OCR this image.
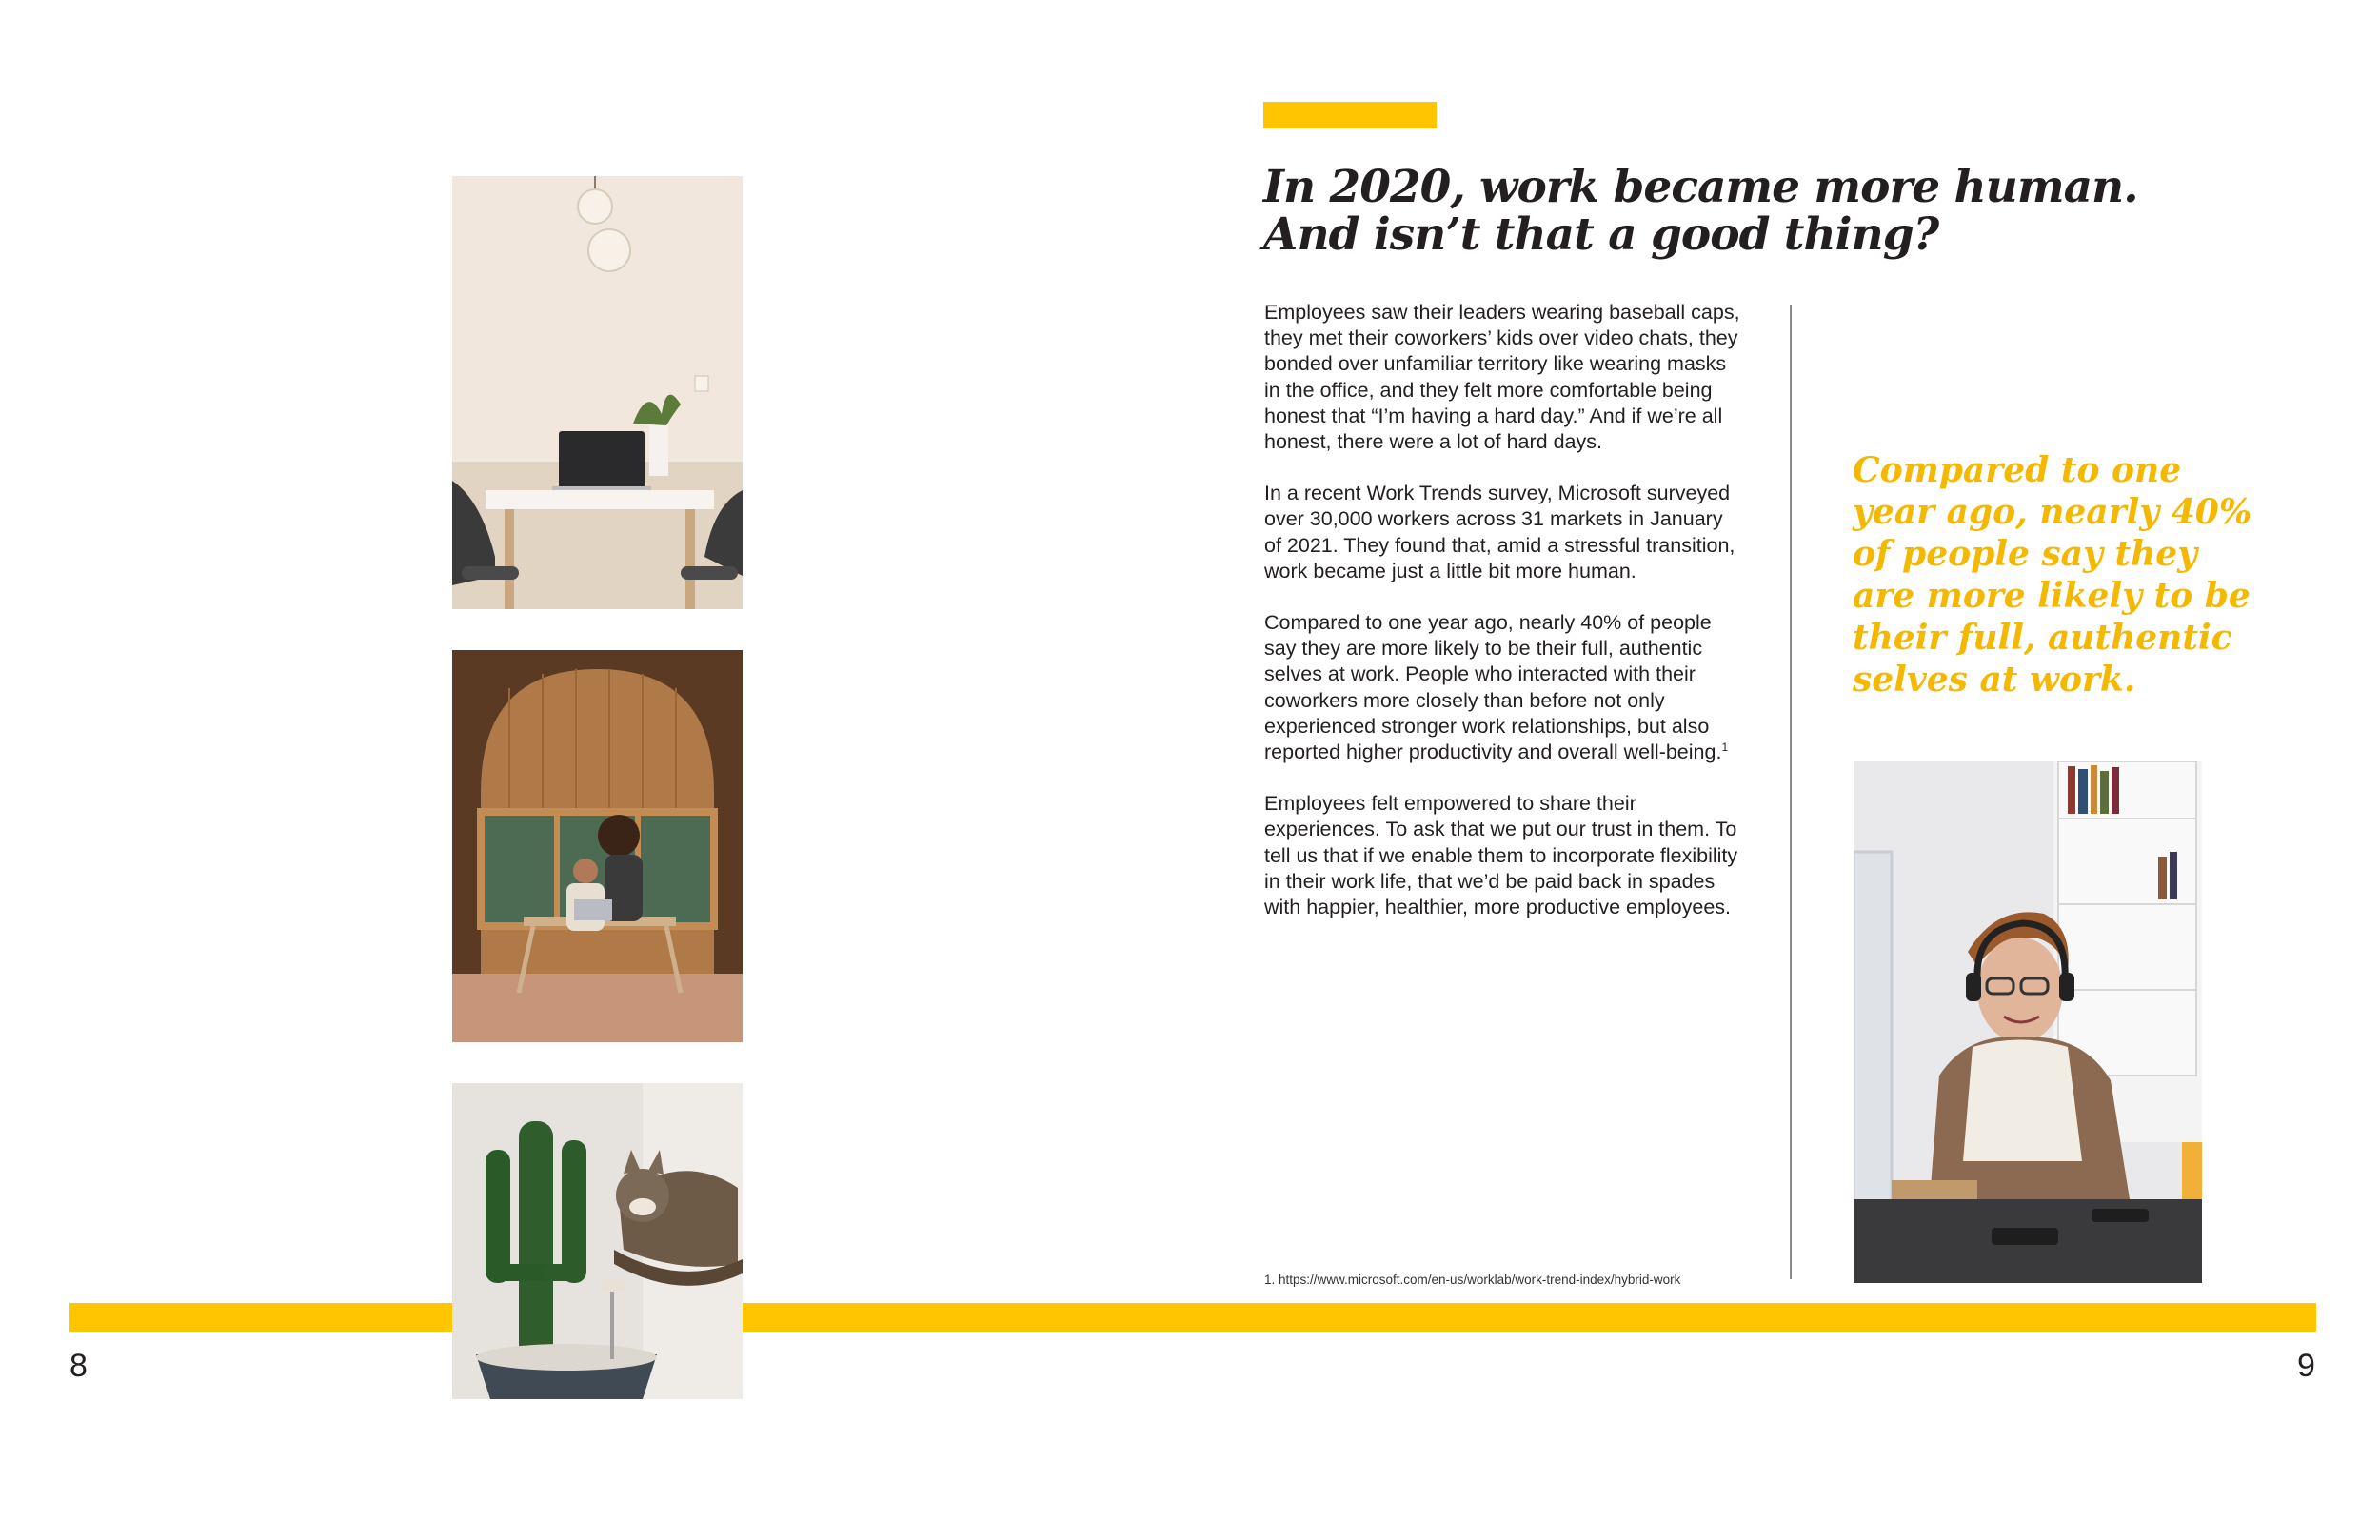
In 2020, work became more human.
And isn’t that a good thing?

Employees saw their leaders wearing baseball caps, they met their coworkers’ kids over video chats, they bonded over unfamiliar territory like wearing masks in the office, and they felt more comfortable being honest that “I’m having a hard day.” And if we’re all honest, there were a lot of hard days.

In a recent Work Trends survey, Microsoft surveyed over 30,000 workers across 31 markets in January of 2021. They found that, amid a stressful transition, work became just a little bit more human.

Compared to one year ago, nearly 40% of people say they are more likely to be their full, authentic selves at work. People who interacted with their coworkers more closely than before not only experienced stronger work relationships, but also reported higher productivity and overall well-being.$^1$

Employees felt empowered to share their experiences. To ask that we put our trust in them. To tell us that if we enable them to incorporate flexibility in their work life, that we’d be paid back in spades with happier, healthier, more productive employees.

1. https://www.microsoft.com/en-us/worklab/work-trend-index/hybrid-work

Compared to one year ago, nearly 40% of people say they are more likely to be their full, authentic selves at work.

8	9
